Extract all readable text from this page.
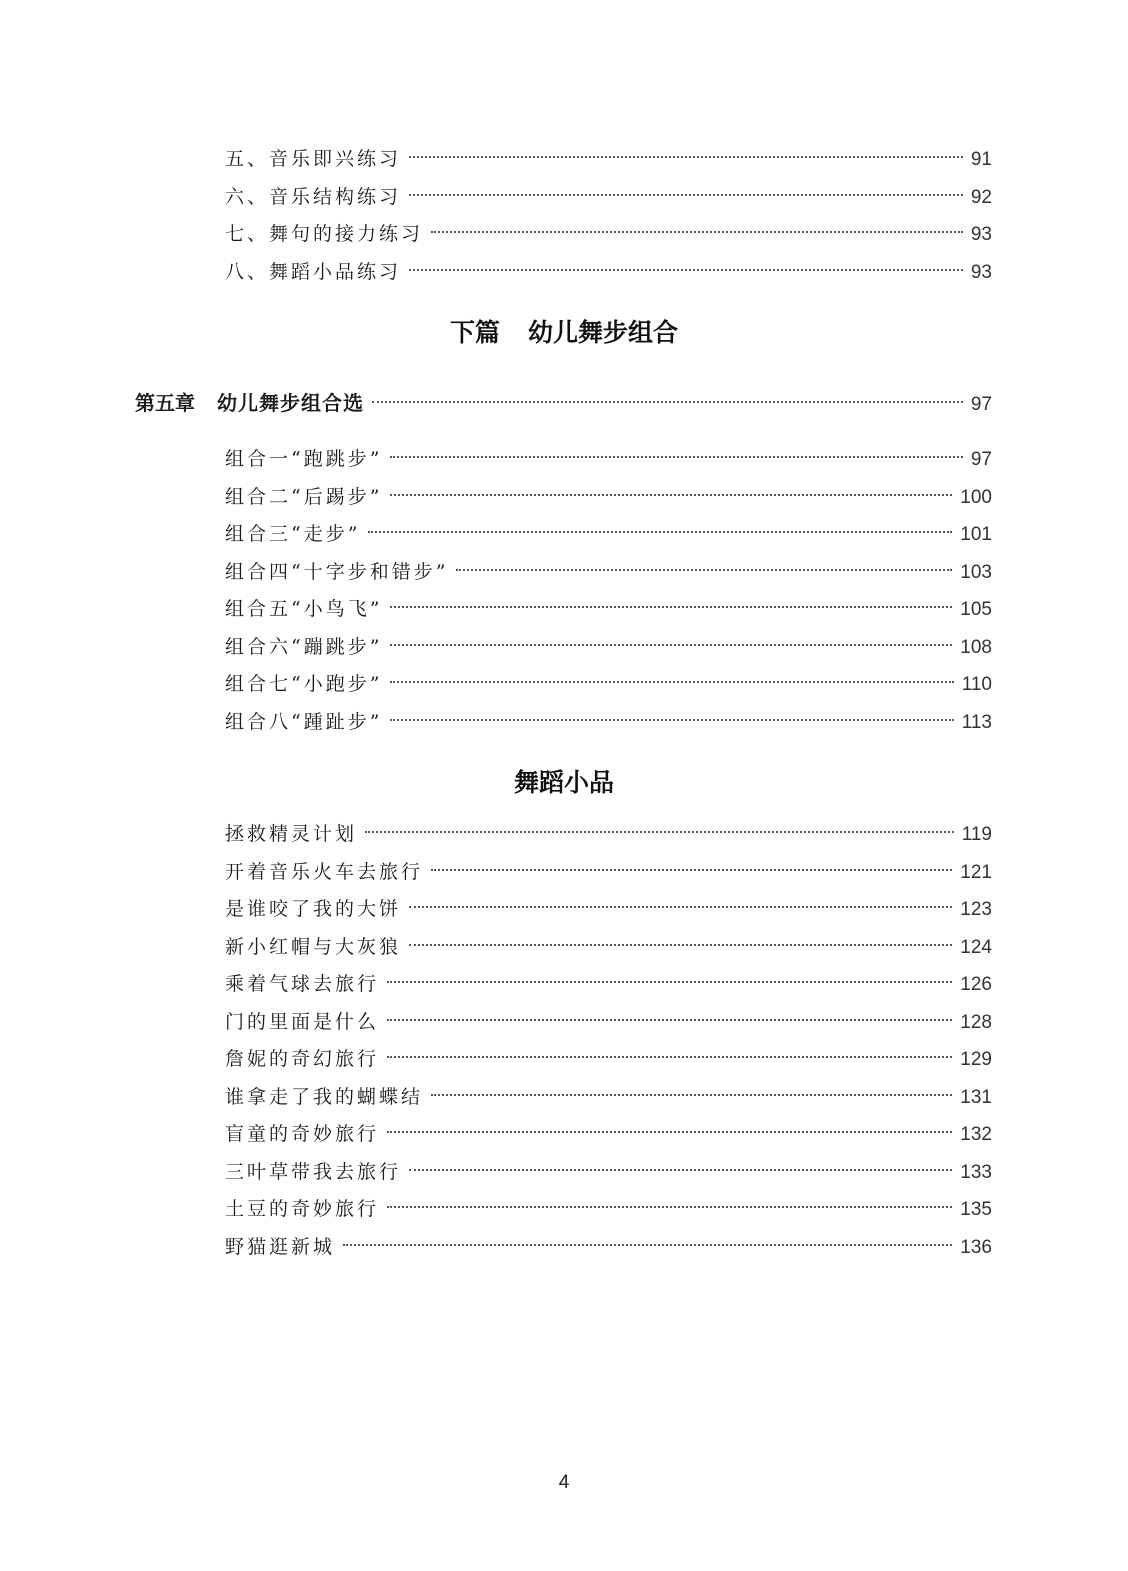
五、音乐即兴练习	91
六、音乐结构练习	92
七、舞句的接力练习	93
八、舞蹈小品练习	93
下篇 幼儿舞步组合
第五章 幼儿舞步组合选	97
组合一“跑跳步”	97
组合二“后踢步”	100
组合三“走步”	101
组合四“十字步和错步”	103
组合五“小鸟飞”	105
组合六“蹦跳步”	108
组合七“小跑步”	110
组合八“踵趾步”	113
舞蹈小品
拯救精灵计划	119
开着音乐火车去旅行	121
是谁咬了我的大饼	123
新小红帽与大灰狼	124
乘着气球去旅行	126
门的里面是什么	128
詹妮的奇幻旅行	129
谁拿走了我的蝴蝶结	131
盲童的奇妙旅行	132
三叶草带我去旅行	133
土豆的奇妙旅行	135
野猫逛新城	136
4
